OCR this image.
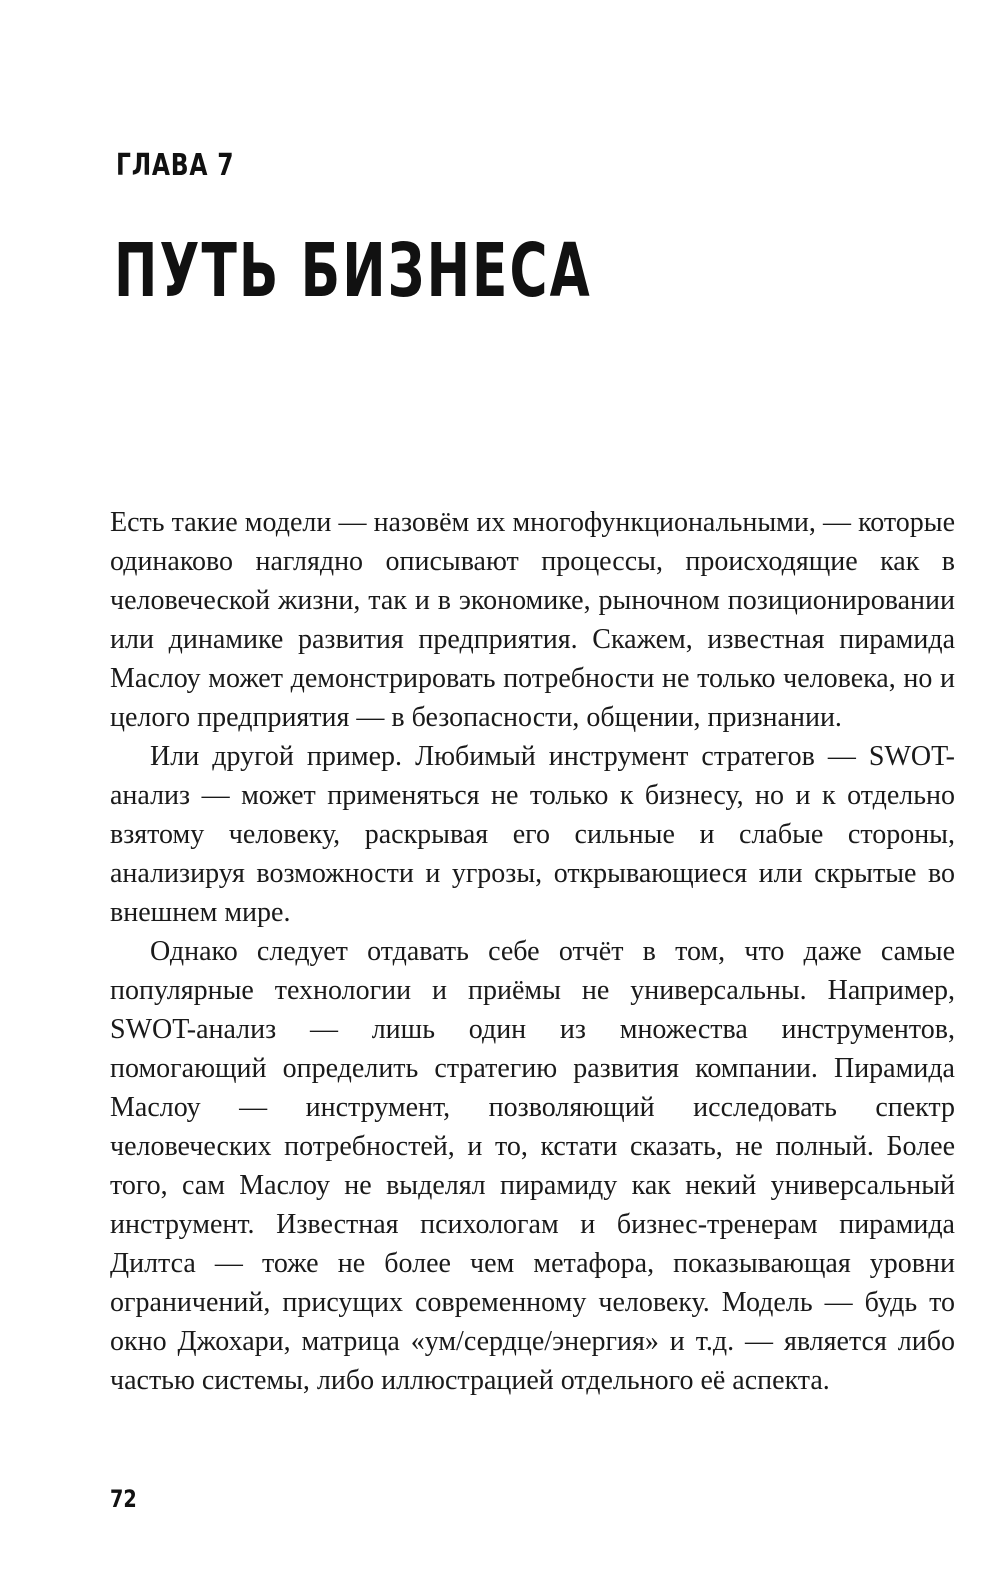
ГЛАВА 7
ПУТЬ БИЗНЕСА

Есть такие модели — назовём их многофункциональными, — которые одинаково наглядно описывают процессы, происходящие как в человеческой жизни, так и в экономике, рыночном позиционировании или динамике развития предприятия. Скажем, известная пирамида Маслоу может демонстрировать потребности не только человека, но и целого предприятия — в безопасности, общении, признании.

Или другой пример. Любимый инструмент стратегов — SWOT-анализ — может применяться не только к бизнесу, но и к отдельно взятому человеку, раскрывая его сильные и слабые стороны, анализируя возможности и угрозы, открывающиеся или скрытые во внешнем мире.

Однако следует отдавать себе отчёт в том, что даже самые популярные технологии и приёмы не универсальны. Например, SWOT-анализ — лишь один из множества инструментов, помогающий определить стратегию развития компании. Пирамида Маслоу — инструмент, позволяющий исследовать спектр человеческих потребностей, и то, кстати сказать, не полный. Более того, сам Маслоу не выделял пирамиду как некий универсальный инструмент. Известная психологам и бизнес-тренерам пирамида Дилтса — тоже не более чем метафора, показывающая уровни ограничений, присущих современному человеку. Модель — будь то окно Джохари, матрица «ум/сердце/энергия» и т.д. — является либо частью системы, либо иллюстрацией отдельного её аспекта.

72
